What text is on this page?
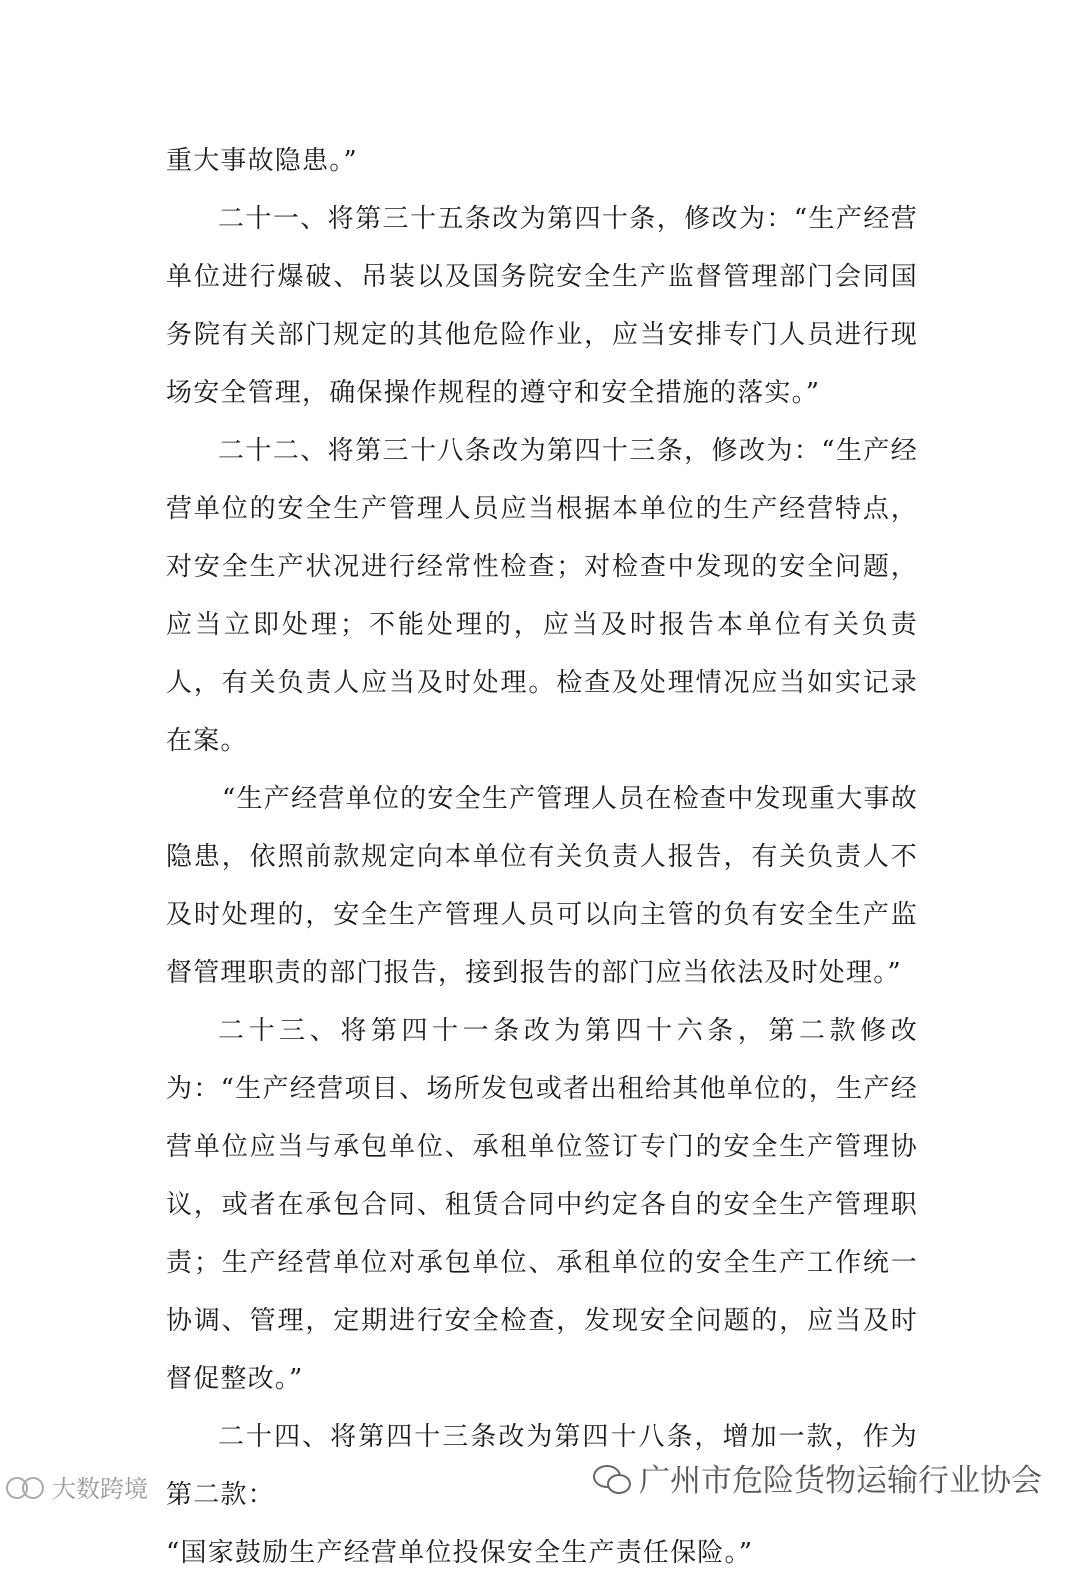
重大事故隐患。”

二十一、将第三十五条改为第四十条，修改为：“生产经营单位进行爆破、吊装以及国务院安全生产监督管理部门会同国务院有关部门规定的其他危险作业，应当安排专门人员进行现场安全管理，确保操作规程的遵守和安全措施的落实。”

二十二、将第三十八条改为第四十三条，修改为：“生产经营单位的安全生产管理人员应当根据本单位的生产经营特点，对安全生产状况进行经常性检查；对检查中发现的安全问题，应当立即处理；不能处理的，应当及时报告本单位有关负责人，有关负责人应当及时处理。检查及处理情况应当如实记录在案。

“生产经营单位的安全生产管理人员在检查中发现重大事故隐患，依照前款规定向本单位有关负责人报告，有关负责人不及时处理的，安全生产管理人员可以向主管的负有安全生产监督管理职责的部门报告，接到报告的部门应当依法及时处理。”

二十三、将第四十一条改为第四十六条，第二款修改为：“生产经营项目、场所发包或者出租给其他单位的，生产经营单位应当与承包单位、承租单位签订专门的安全生产管理协议，或者在承包合同、租赁合同中约定各自的安全生产管理职责；生产经营单位对承包单位、承租单位的安全生产工作统一协调、管理，定期进行安全检查，发现安全问题的，应当及时督促整改。”

二十四、将第四十三条改为第四十八条，增加一款，作为第二款：

“国家鼓励生产经营单位投保安全生产责任保险。”

广州市危险货物运输行业协会
大数跨境
